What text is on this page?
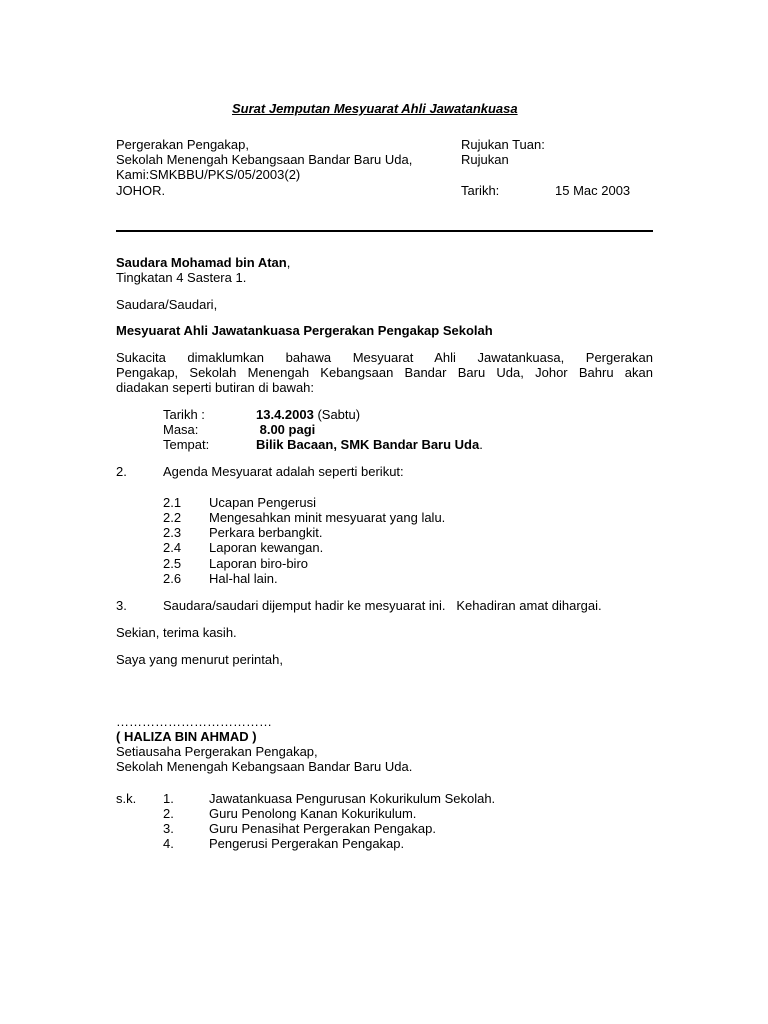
Surat Jemputan Mesyuarat Ahli Jawatankuasa
Pergerakan Pengakap,
Sekolah Menengah Kebangsaan Bandar Baru Uda,
Kami:SMKBBU/PKS/05/2003(2)
JOHOR.
Rujukan Tuan:
Rujukan
Tarikh:	15 Mac 2003
Saudara Mohamad bin Atan,
Tingkatan 4 Sastera 1.
Saudara/Saudari,
Mesyuarat Ahli Jawatankuasa Pergerakan Pengakap Sekolah
Sukacita dimaklumkan bahawa Mesyuarat Ahli Jawatankuasa, Pergerakan
Pengakap, Sekolah Menengah Kebangsaan Bandar Baru Uda, Johor Bahru akan
diadakan seperti butiran di bawah:
Tarikh :	13.4.2003 (Sabtu)
Masa:	8.00 pagi
Tempat:	Bilik Bacaan, SMK Bandar Baru Uda.
2.	Agenda Mesyuarat adalah seperti berikut:
2.1 Ucapan Pengerusi
2.2 Mengesahkan minit mesyuarat yang lalu.
2.3 Perkara berbangkit.
2.4 Laporan kewangan.
2.5 Laporan biro-biro
2.6 Hal-hal lain.
3.	Saudara/saudari dijemput hadir ke mesyuarat ini.   Kehadiran amat dihargai.
Sekian, terima kasih.
Saya yang menurut perintah,
………………………………
( HALIZA BIN AHMAD )
Setiausaha Pergerakan Pengakap,
Sekolah Menengah Kebangsaan Bandar Baru Uda.
s.k. 1.	Jawatankuasa Pengurusan Kokurikulum Sekolah.
2.	Guru Penolong Kanan Kokurikulum.
3.	Guru Penasihat Pergerakan Pengakap.
4.	Pengerusi Pergerakan Pengakap.
